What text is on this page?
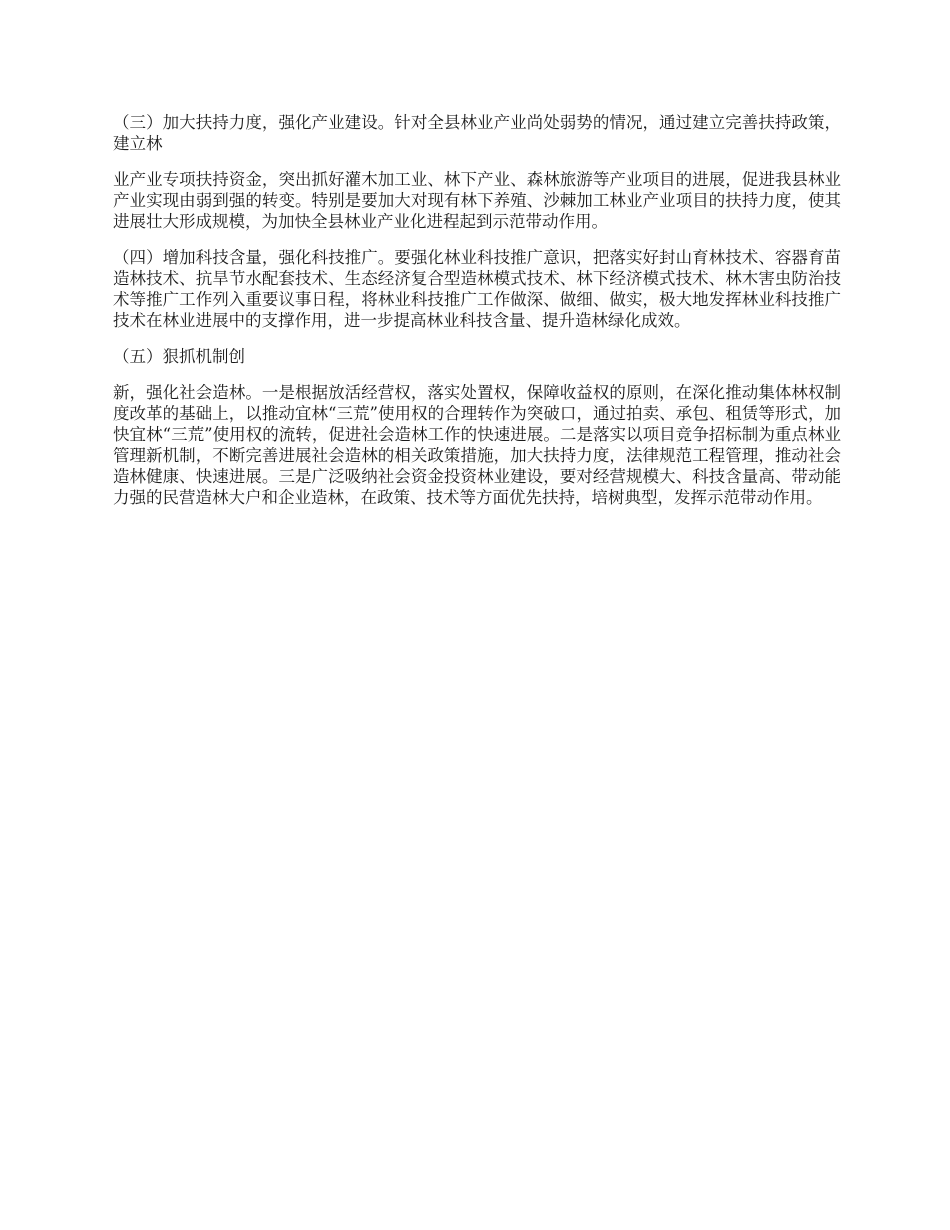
（三）加大扶持力度，强化产业建设。针对全县林业产业尚处弱势的情况，通过建立完善扶持政策，建立林

业产业专项扶持资金，突出抓好灌木加工业、林下产业、森林旅游等产业项目的进展，促进我县林业产业实现由弱到强的转变。特别是要加大对现有林下养殖、沙棘加工林业产业项目的扶持力度，使其进展壮大形成规模，为加快全县林业产业化进程起到示范带动作用。

（四）增加科技含量，强化科技推广。要强化林业科技推广意识，把落实好封山育林技术、容器育苗造林技术、抗旱节水配套技术、生态经济复合型造林模式技术、林下经济模式技术、林木害虫防治技术等推广工作列入重要议事日程，将林业科技推广工作做深、做细、做实，极大地发挥林业科技推广技术在林业进展中的支撑作用，进一步提高林业科技含量、提升造林绿化成效。

（五）狠抓机制创

新，强化社会造林。一是根据放活经营权，落实处置权，保障收益权的原则，在深化推动集体林权制度改革的基础上，以推动宜林“三荒”使用权的合理转作为突破口，通过拍卖、承包、租赁等形式，加快宜林“三荒”使用权的流转，促进社会造林工作的快速进展。二是落实以项目竞争招标制为重点林业管理新机制，不断完善进展社会造林的相关政策措施，加大扶持力度，法律规范工程管理，推动社会造林健康、快速进展。三是广泛吸纳社会资金投资林业建设，要对经营规模大、科技含量高、带动能力强的民营造林大户和企业造林，在政策、技术等方面优先扶持，培树典型，发挥示范带动作用。
